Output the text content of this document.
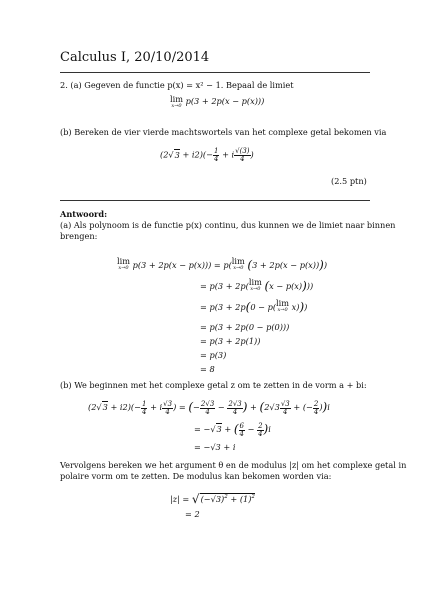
Calculus I, 20/10/2014
2. (a) Gegeven de functie p(x) = x² − 1. Bepaal de limiet
lim
x→0 p(3 + 2p(x − p(x)))
(b) Bereken de vier vierde machtswortels van het complexe getal bekomen via
$(2√3 + i2)(- \frac{1}{4} + i \frac{√(3)}{4}$ )
(2.5 ptn)
Antwoord:
(a) Als polynoom is de functie p(x) continu, dus kunnen we de limiet naar binnen
brengen:
lim
x→0 p(3 + 2p(x − p(x))) = p( lim
x→0 (3 + 2p(x − p(x))))
= p(3 + 2p( lim
x→0 (x − p(x))))
= p(3 + 2p(0 − p( lim
x→0 x)))
= p(3 + 2p(0 − p(0)))
= p(3 + 2p(1))
= p(3)
= 8
(b) We beginnen met het complexe getal z om te zetten in de vorm a + bi:
$(2√3 + i2)(- \frac{1}{4} + i \frac{√3}{4}$ ) = (− $\frac{2√3}{4} - \frac{2√3}{4}$ ) + ($2√3 \frac{√3}{4}$ + (− $\frac{2}{4} ))i$
= −√3 + ( $\frac{6}{4} - \frac{2}{4} )i$
= −√3 + i
Vervolgens bereken we het argument θ en de modulus |z| om het complexe getal in
polaire vorm om te zetten. De modulus kan bekomen worden via:
$|z| = √(-√3)^2 + (1)^2$
= 2
